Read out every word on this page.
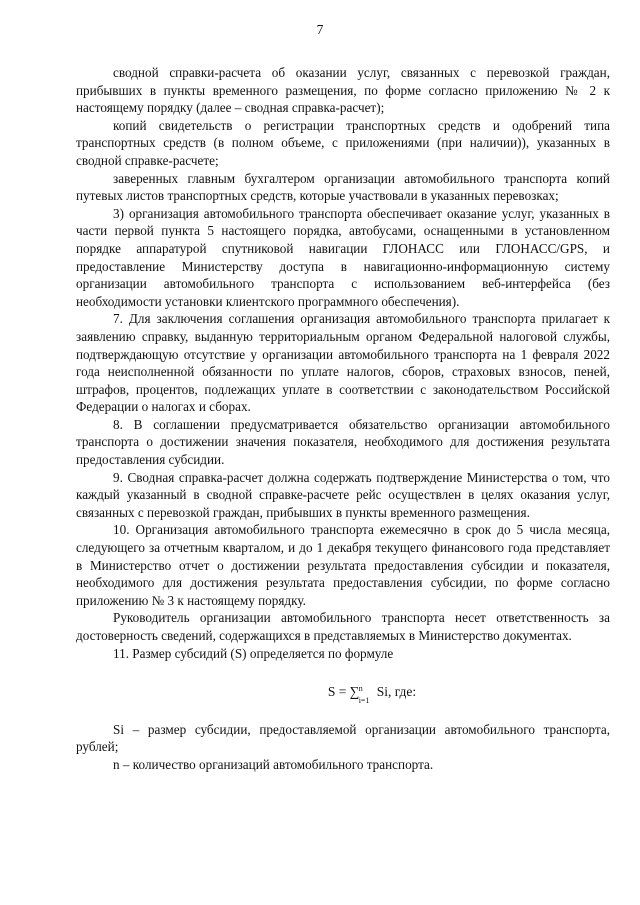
7

сводной справки-расчета об оказании услуг, связанных с перевозкой граждан, прибывших в пункты временного размещения, по форме согласно приложению № 2 к настоящему порядку (далее – сводная справка-расчет);

копий свидетельств о регистрации транспортных средств и одобрений типа транспортных средств (в полном объеме, с приложениями (при наличии)), указанных в сводной справке-расчете;

заверенных главным бухгалтером организации автомобильного транспорта копий путевых листов транспортных средств, которые участвовали в указанных перевозках;

3) организация автомобильного транспорта обеспечивает оказание услуг, указанных в части первой пункта 5 настоящего порядка, автобусами, оснащенными в установленном порядке аппаратурой спутниковой навигации ГЛОНАСС или ГЛОНАСС/GPS, и предоставление Министерству доступа в навигационно-информационную систему организации автомобильного транспорта с использованием веб-интерфейса (без необходимости установки клиентского программного обеспечения).

7. Для заключения соглашения организация автомобильного транспорта прилагает к заявлению справку, выданную территориальным органом Федеральной налоговой службы, подтверждающую отсутствие у организации автомобильного транспорта на 1 февраля 2022 года неисполненной обязанности по уплате налогов, сборов, страховых взносов, пеней, штрафов, процентов, подлежащих уплате в соответствии с законодательством Российской Федерации о налогах и сборах.

8. В соглашении предусматривается обязательство организации автомобильного транспорта о достижении значения показателя, необходимого для достижения результата предоставления субсидии.

9. Сводная справка-расчет должна содержать подтверждение Министерства о том, что каждый указанный в сводной справке-расчете рейс осуществлен в целях оказания услуг, связанных с перевозкой граждан, прибывших в пункты временного размещения.

10. Организация автомобильного транспорта ежемесячно в срок до 5 числа месяца, следующего за отчетным кварталом, и до 1 декабря текущего финансового года представляет в Министерство отчет о достижении результата предоставления субсидии и показателя, необходимого для достижения результата предоставления субсидии, по форме согласно приложению № 3 к настоящему порядку.

Руководитель организации автомобильного транспорта несет ответственность за достоверность сведений, содержащихся в представляемых в Министерство документах.

11. Размер субсидий (S) определяется по формуле

S = ∑ n
i=1
Si, где:

Si – размер субсидии, предоставляемой организации автомобильного транспорта, рублей;

n – количество организаций автомобильного транспорта.
